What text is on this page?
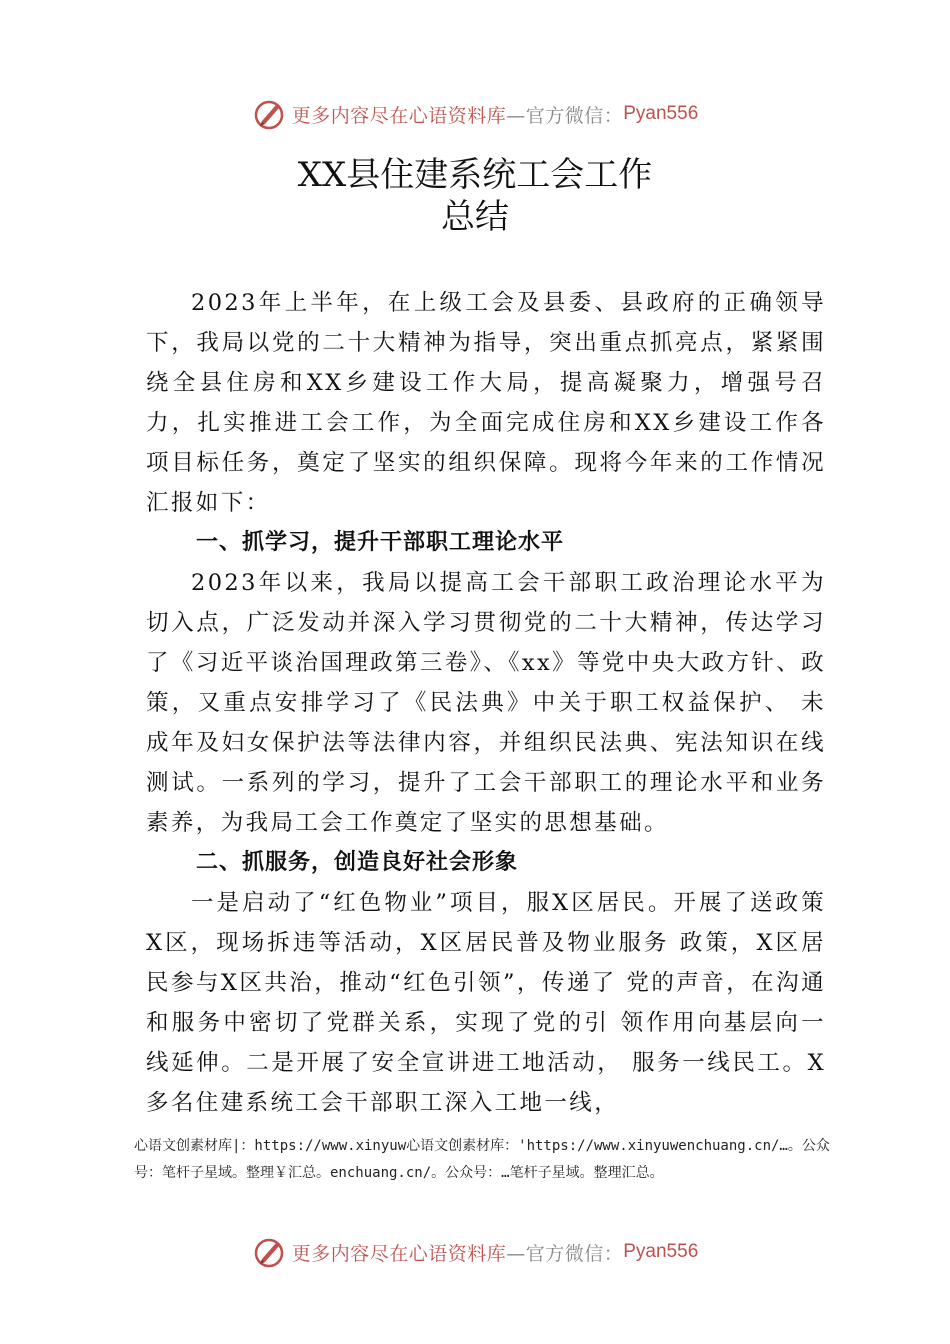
更多内容尽在心语资料库 —官方微信： Pyan556
XX县住建系统工会工作
总结

2023年上半年，在上级工会及县委、县政府的正确领导下，我局以党的二十大精神为指导，突出重点抓亮点，紧紧围绕全县住房和XX乡建设工作大局，提高凝聚力，增强号召力，扎实推进工会工作，为全面完成住房和XX乡建设工作各项目标任务，奠定了坚实的组织保障。现将今年来的工作情况汇报如下：

一、抓学习，提升干部职工理论水平

2023年以来，我局以提高工会干部职工政治理论水平为切入点，广泛发动并深入学习贯彻党的二十大精神，传达学习了《习近平谈治国理政第三卷》、《xx》等党中央大政方针、政策，又重点安排学习了《民法典》中关于职工权益保护、 未成年及妇女保护法等法律内容，并组织民法典、宪法知识在线测试。一系列的学习，提升了工会干部职工的理论水平和业务素养，为我局工会工作奠定了坚实的思想基础。

二、抓服务，创造良好社会形象

一是启动了“红色物业”项目，服X区居民。开展了送政策X区，现场拆违等活动，X区居民普及物业服务 政策，X区居民参与X区共治，推动“红色引领”，传递了 党的声音，在沟通和服务中密切了党群关系，实现了党的引 领作用向基层向一线延伸。二是开展了安全宣讲进工地活动， 服务一线民工。X多名住建系统工会干部职工深入工地一线，

心语文创素材库|：https://www.xinyuw心语文创素材库：'https://www.xinyuwenchuang.cn/…。公众号：笔杆子星域。整理￥汇总。enchuang.cn/。公众号：…笔杆子星域。整理汇总。
更多内容尽在心语资料库 —官方微信： Pyan556
